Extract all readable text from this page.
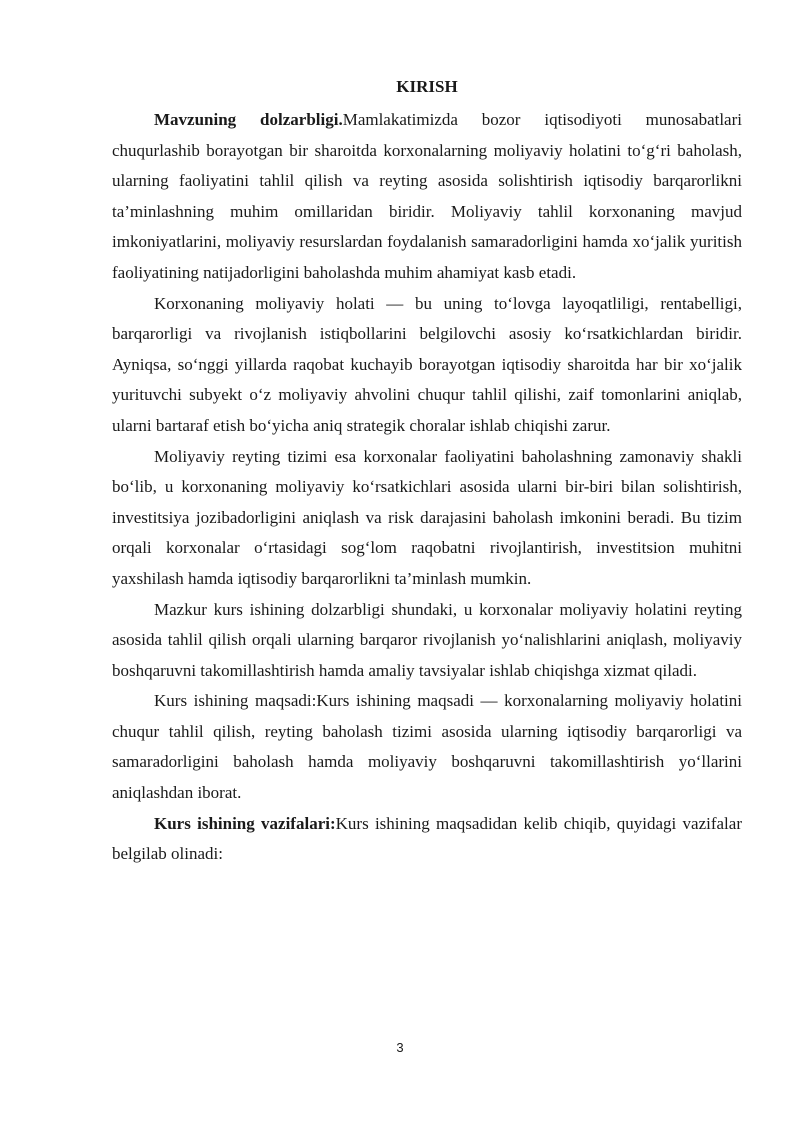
KIRISH

Mavzuning dolzarbligi.Mamlakatimizda bozor iqtisodiyoti munosabatlari chuqurlashib borayotgan bir sharoitda korxonalarning moliyaviy holatini to‘g‘ri baholash, ularning faoliyatini tahlil qilish va reyting asosida solishtirish iqtisodiy barqarorlikni ta’minlashning muhim omillaridan biridir. Moliyaviy tahlil korxonaning mavjud imkoniyatlarini, moliyaviy resurslardan foydalanish samaradorligini hamda xo‘jalik yuritish faoliyatining natijadorligini baholashda muhim ahamiyat kasb etadi.

Korxonaning moliyaviy holati — bu uning to‘lovga layoqatliligi, rentabelligi, barqarorligi va rivojlanish istiqbollarini belgilovchi asosiy ko‘rsatkichlardan biridir. Ayniqsa, so‘nggi yillarda raqobat kuchayib borayotgan iqtisodiy sharoitda har bir xo‘jalik yurituvchi subyekt o‘z moliyaviy ahvolini chuqur tahlil qilishi, zaif tomonlarini aniqlab, ularni bartaraf etish bo‘yicha aniq strategik choralar ishlab chiqishi zarur.

Moliyaviy reyting tizimi esa korxonalar faoliyatini baholashning zamonaviy shakli bo‘lib, u korxonaning moliyaviy ko‘rsatkichlari asosida ularni bir-biri bilan solishtirish, investitsiya jozibadorligini aniqlash va risk darajasini baholash imkonini beradi. Bu tizim orqali korxonalar o‘rtasidagi sog‘lom raqobatni rivojlantirish, investitsion muhitni yaxshilash hamda iqtisodiy barqarorlikni ta’minlash mumkin.

Mazkur kurs ishining dolzarbligi shundaki, u korxonalar moliyaviy holatini reyting asosida tahlil qilish orqali ularning barqaror rivojlanish yo‘nalishlarini aniqlash, moliyaviy boshqaruvni takomillashtirish hamda amaliy tavsiyalar ishlab chiqishga xizmat qiladi.

Kurs ishining maqsadi:Kurs ishining maqsadi — korxonalarning moliyaviy holatini chuqur tahlil qilish, reyting baholash tizimi asosida ularning iqtisodiy barqarorligi va samaradorligini baholash hamda moliyaviy boshqaruvni takomillashtirish yo‘llarini aniqlashdan iborat.

Kurs ishining vazifalari:Kurs ishining maqsadidan kelib chiqib, quyidagi vazifalar belgilab olinadi:

3
